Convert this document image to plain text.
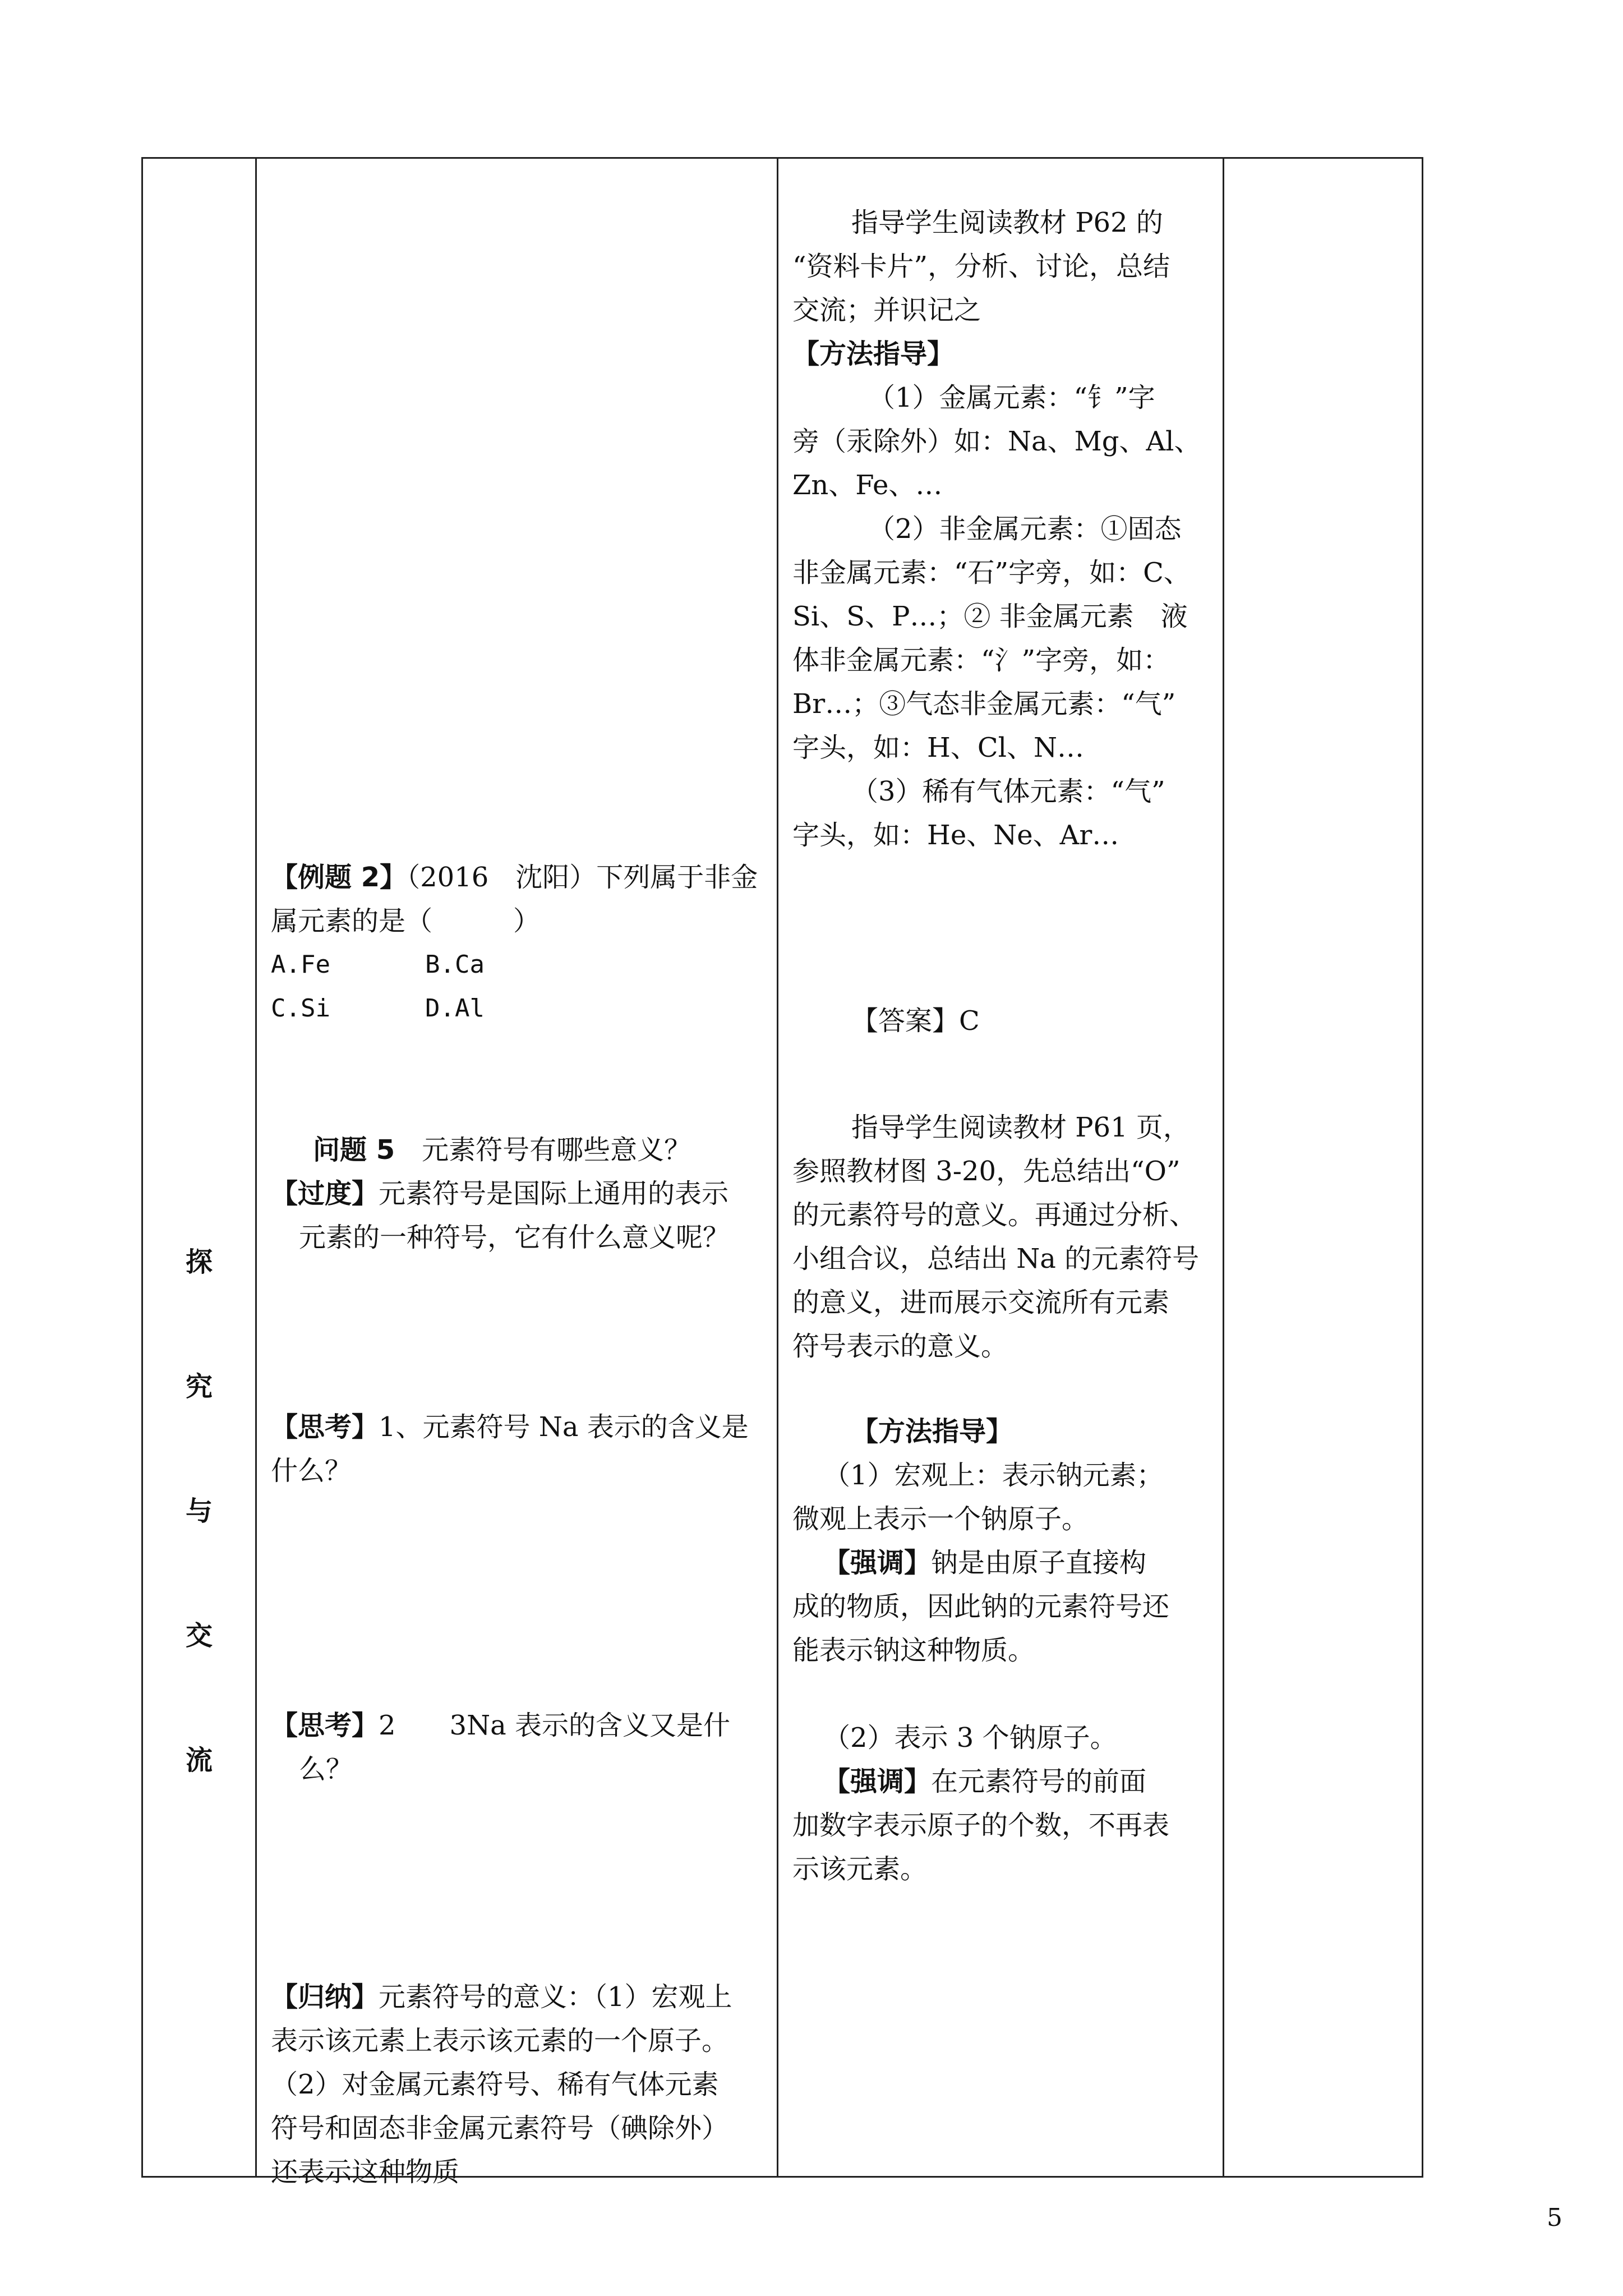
探
究
与
交
流
【例题 2】（2016　沈阳）下列属于非金
属元素的是（　　　）
A.Fe	B.Ca
C.Si	D.Al
问题 5　元素符号有哪些意义？
【过度】元素符号是国际上通用的表示
元素的一种符号，它有什么意义呢？
【思考】1、元素符号 Na 表示的含义是
什么？
【思考】2　　3Na 表示的含义又是什
么？
【归纳】元素符号的意义：（1）宏观上
表示该元素上表示该元素的一个原子。
（2）对金属元素符号、稀有气体元素
符号和固态非金属元素符号（碘除外）
还表示这种物质
指导学生阅读教材 P62 的
“资料卡片”，分析、讨论，总结
交流；并识记之
【方法指导】
（1）金属元素：“钅”字
旁（汞除外）如：Na、Mg、Al、
Zn、Fe、…
（2）非金属元素：①固态
非金属元素：“石”字旁，如：C、
Si、S、P…；② 非金属元素　液
体非金属元素：“氵”字旁，如：
Br…；③气态非金属元素：“气”
字头，如：H、Cl、N…
（3）稀有气体元素：“气”
字头，如：He、Ne、Ar…
【答案】C
指导学生阅读教材 P61 页，
参照教材图 3-20，先总结出“O”
的元素符号的意义。再通过分析、
小组合议，总结出 Na 的元素符号
的意义，进而展示交流所有元素
符号表示的意义。
【方法指导】
（1）宏观上：表示钠元素；
微观上表示一个钠原子。
【强调】钠是由原子直接构
成的物质，因此钠的元素符号还
能表示钠这种物质。
（2）表示 3 个钠原子。
【强调】在元素符号的前面
加数字表示原子的个数，不再表
示该元素。
5
